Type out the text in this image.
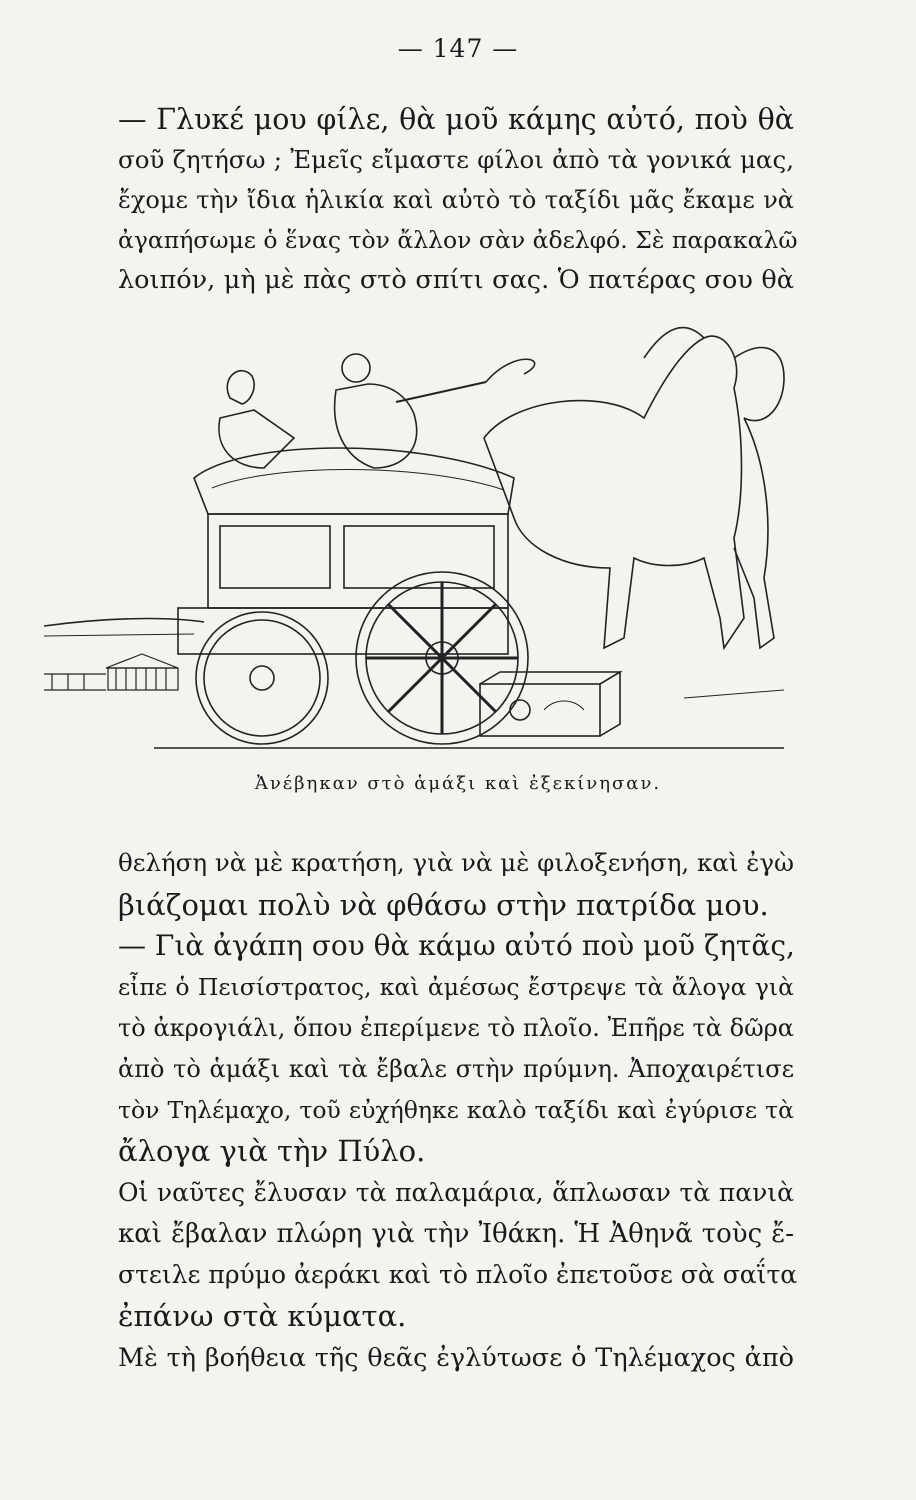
— 147 —
— Γλυκέ μου φίλε, θὰ μοῦ κάμης αὐτό, ποὺ θὰ
σοῦ ζητήσω ; Ἐμεῖς εἴμαστε φίλοι ἀπὸ τὰ γονικά μας,
ἔχομε τὴν ἴδια ἡλικία καὶ αὐτὸ τὸ ταξίδι μᾶς ἔκαμε νὰ
ἀγαπήσωμε ὁ ἕνας τὸν ἄλλον σὰν ἀδελφό. Σὲ παρακαλῶ
λοιπόν, μὴ μὲ πὰς στὸ σπίτι σας. Ὁ πατέρας σου θὰ
Ἀνέβηκαν στὸ ἁμάξι καὶ ἐξεκίνησαν.
θελήση νὰ μὲ κρατήση, γιὰ νὰ μὲ φιλοξενήση, καὶ ἐγὼ
βιάζομαι πολὺ νὰ φθάσω στὴν πατρίδα μου.
— Γιὰ ἀγάπη σου θὰ κάμω αὐτό ποὺ μοῦ ζητᾶς,
εἶπε ὁ Πεισίστρατος, καὶ ἀμέσως ἔστρεψε τὰ ἄλογα γιὰ
τὸ ἀκρογιάλι, ὅπου ἐπερίμενε τὸ πλοῖο. Ἐπῆρε τὰ δῶρα
ἀπὸ τὸ ἁμάξι καὶ τὰ ἔβαλε στὴν πρύμνη. Ἀποχαιρέτισε
τὸν Τηλέμαχο, τοῦ εὐχήθηκε καλὸ ταξίδι καὶ ἐγύρισε τὰ
ἄλογα γιὰ τὴν Πύλο.
Οἱ ναῦτες ἔλυσαν τὰ παλαμάρια, ἅπλωσαν τὰ πανιὰ
καὶ ἔβαλαν πλώρη γιὰ τὴν Ἰθάκη. Ἡ Ἀθηνᾶ τοὺς ἔ-
στειλε πρύμο ἀεράκι καὶ τὸ πλοῖο ἐπετοῦσε σὰ σαΐτα
ἐπάνω στὰ κύματα.
Μὲ τὴ βοήθεια τῆς θεᾶς ἐγλύτωσε ὁ Τηλέμαχος ἀπὸ
